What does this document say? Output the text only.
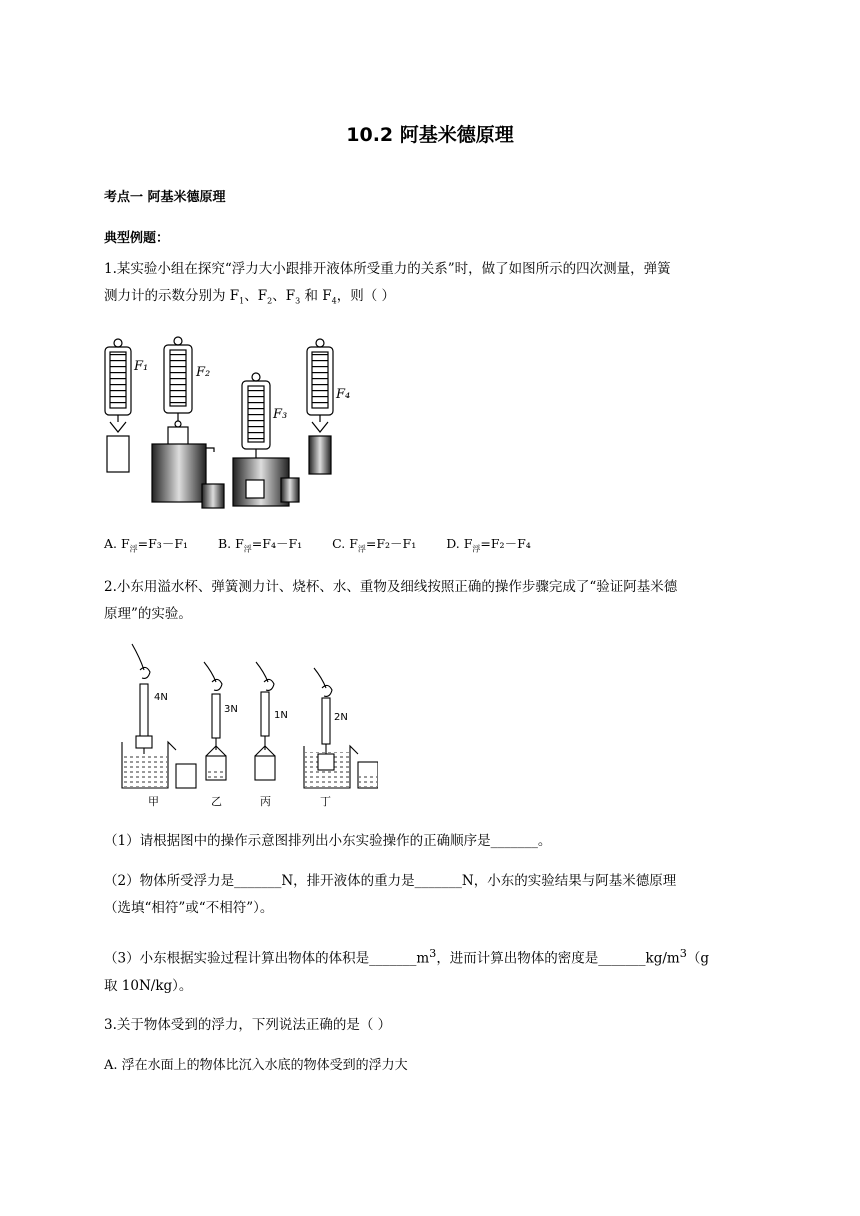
10.2 阿基米德原理
考点一 阿基米德原理
典型例题：
1.某实验小组在探究“浮力大小跟排开液体所受重力的关系”时，做了如图所示的四次测量，弹簧
测力计的示数分别为 $F_1$、$F_2$、$F_3$ 和 $F_4$，则（ ）
F₁	F₂
F₃
F₄
A. $F_浮=F_3-F_1$ B. $F_浮=F_4-F_1$ C. $F_浮=F_2-F_1$ D. $F_浮=F_2-F_4$
2.小东用溢水杯、弹簧测力计、烧杯、水、重物及细线按照正确的操作步骤完成了“验证阿基米德
原理”的实验。
4N
3N
1N	2N
甲	乙	丙	丁
（1）请根据图中的操作示意图排列出小东实验操作的正确顺序是_______。
（2）物体所受浮力是_______N，排开液体的重力是_______N，小东的实验结果与阿基米德原理
（选填“相符”或“不相符”）。
（3）小东根据实验过程计算出物体的体积是$\_\_\_\_\_\_\_m^3$，进而计算出物体的密度是$\_\_\_\_\_\_\_kg/m^3(g$
取 10N/kg）。
3.关于物体受到的浮力，下列说法正确的是（ ）
A. 浮在水面上的物体比沉入水底的物体受到的浮力大
